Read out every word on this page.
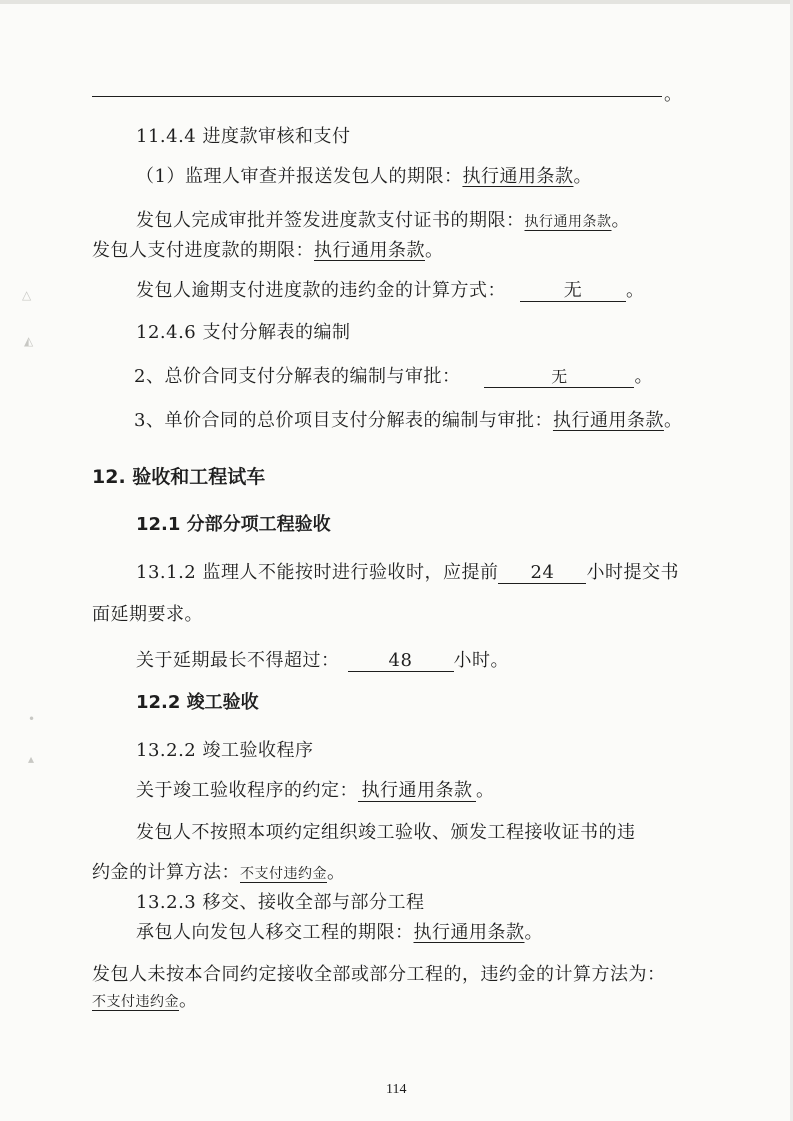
△
◭
•
▴
。
11.4.4 进度款审核和支付
（1）监理人审查并报送发包人的期限：执行通用条款。
发包人完成审批并签发进度款支付证书的期限：执行通用条款。
发包人支付进度款的期限：执行通用条款。
发包人逾期支付进度款的违约金的计算方式：	无 。
12.4.6 支付分解表的编制
2、总价合同支付分解表的编制与审批：	无	。
3、单价合同的总价项目支付分解表的编制与审批：执行通用条款。
12. 验收和工程试车
12.1 分部分项工程验收
13.1.2 监理人不能按时进行验收时，应提前 24 小时提交书
面延期要求。
关于延期最长不得超过：	48 小时。
12.2 竣工验收
13.2.2 竣工验收程序
关于竣工验收程序的约定： 执行通用条款 。
发包人不按照本项约定组织竣工验收、颁发工程接收证书的违
约金的计算方法：不支付违约金。
13.2.3 移交、接收全部与部分工程
承包人向发包人移交工程的期限：执行通用条款。
发包人未按本合同约定接收全部或部分工程的，违约金的计算方法为：
不支付违约金。
114
